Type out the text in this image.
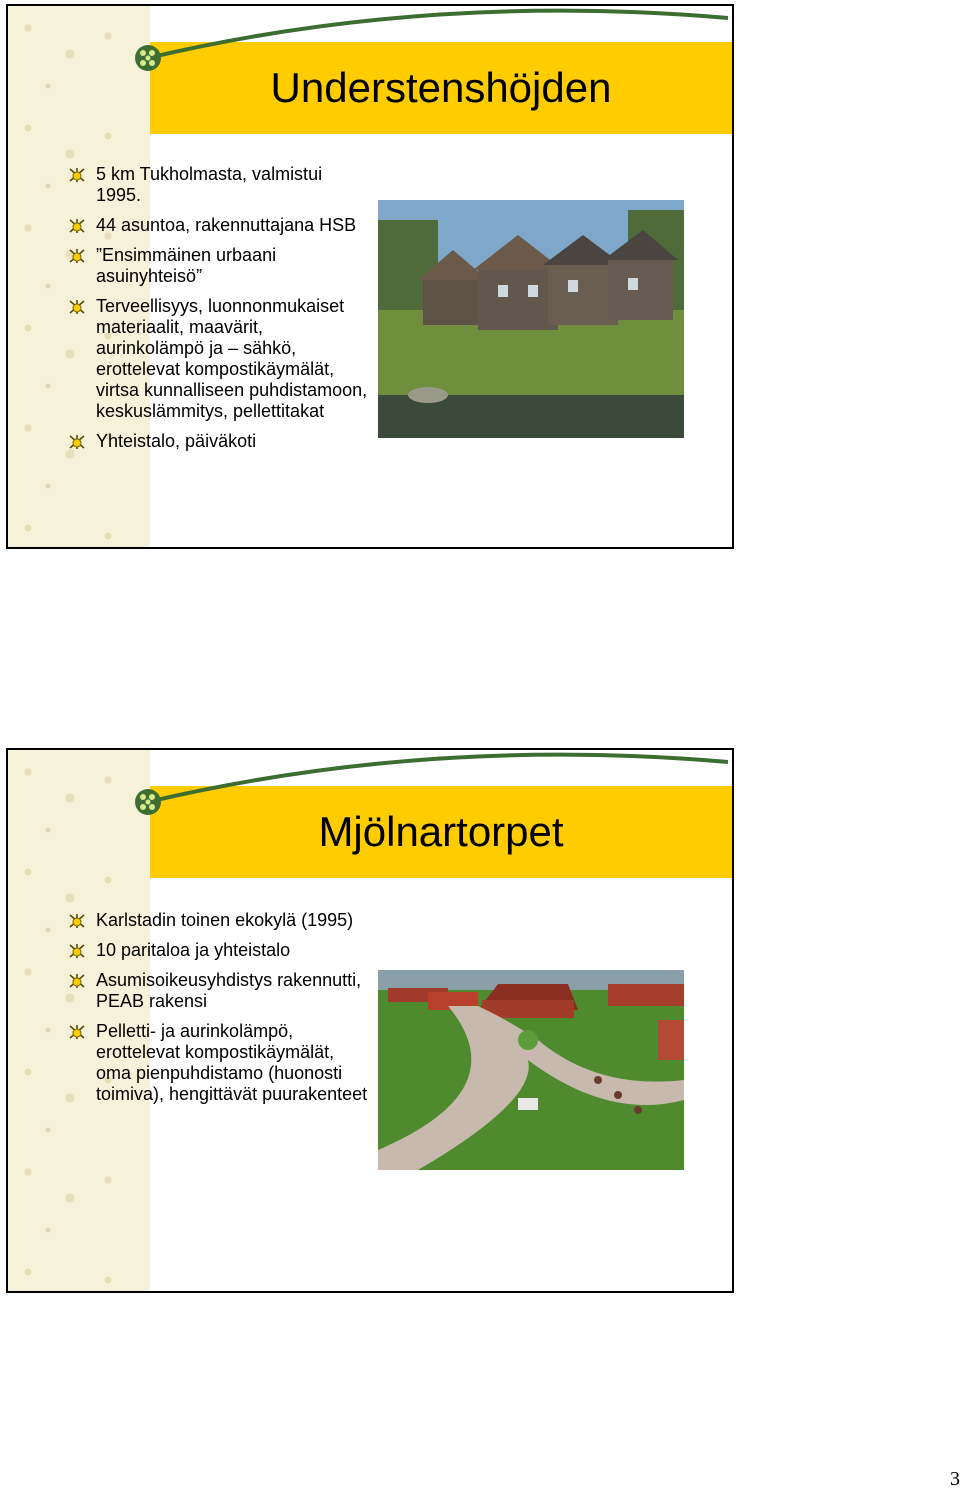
Understenshöjden
5 km Tukholmasta, valmistui 1995.
44 asuntoa, rakennuttajana HSB
”Ensimmäinen urbaani asuinyhteisö”
Terveellisyys, luonnonmukaiset materiaalit, maavärit, aurinkolämpö ja – sähkö, erottelevat kompostikäymälät, virtsa kunnalliseen puhdistamoon, keskuslämmitys, pellettitakat
Yhteistalo, päiväkoti
Mjölnartorpet
Karlstadin toinen ekokylä (1995)
10 paritaloa ja yhteistalo
Asumisoikeusyhdistys rakennutti, PEAB rakensi
Pelletti- ja aurinkolämpö, erottelevat kompostikäymälät, oma pienpuhdistamo (huonosti toimiva), hengittävät puurakenteet
3
